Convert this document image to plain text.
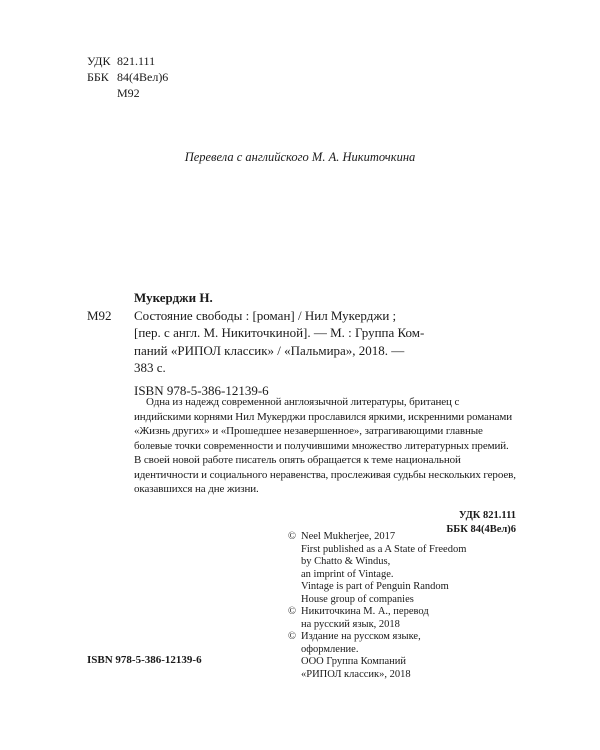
УДК 821.111
ББК 84(4Вел)6
М92
Перевела с английского М. А. Никиточкина
Мукерджи Н.
М92	Состояние свободы : [роман] / Нил Мукерджи ;
[пер. с англ. М. Никиточкиной]. — М. : Группа Ком-
паний «РИПОЛ классик» / «Пальмира», 2018. —
383 с.
ISBN 978-5-386-12139-6
Одна из надежд современной англоязычной литературы, британец с индийскими корнями Нил Мукерджи прославился яркими, искренними романами «Жизнь других» и «Прошедшее незавершенное», затрагивающими главные болевые точки современности и получившими множество литературных премий. В своей новой работе писатель опять обращается к теме национальной идентичности и социального неравенства, прослеживая судьбы нескольких героев, оказавшихся на дне жизни.
УДК 821.111
ББК 84(4Вел)6
© Neel Mukherjee, 2017
First published as a A State of Freedom
by Chatto & Windus,
an imprint of Vintage.
Vintage is part of Penguin Random
House group of companies
© Никиточкина М. А., перевод
на русский язык, 2018
© Издание на русском языке,
оформление.
ООО Группа Компаний
«РИПОЛ классик», 2018
ISBN 978-5-386-12139-6
